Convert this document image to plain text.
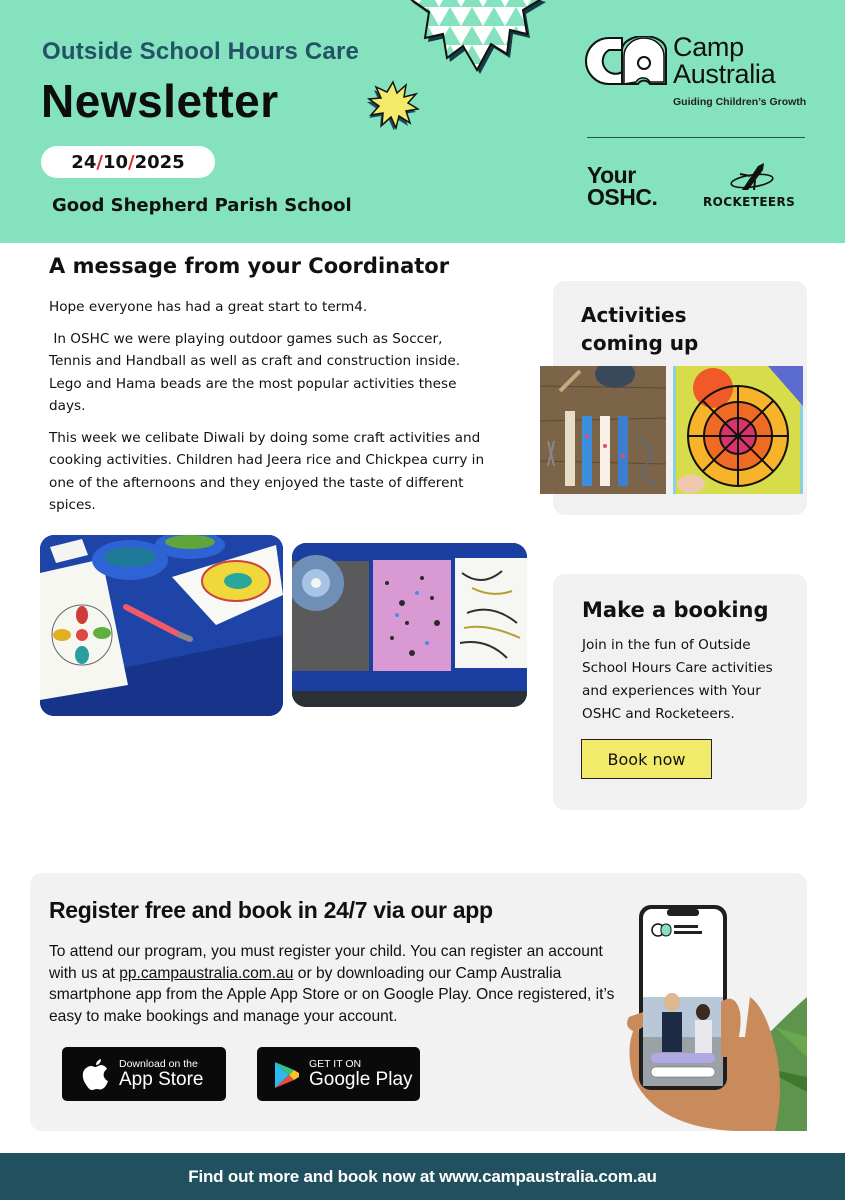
Outside School Hours Care
Newsletter
24 / 10 / 2025
Good Shepherd Parish School
Camp
Australia
Guiding Children’s Growth
Your
OSHC.	ROCKETEERS
A message from your Coordinator

Hope everyone has had a great start to term4.

In OSHC we were playing outdoor games such as Soccer, Tennis and Handball as well as craft and construction inside. Lego and Hama beads are the most popular activities these days.

This week we celibate Diwali by doing some craft activities and cooking activities. Children had Jeera rice and Chickpea curry in one of the afternoons and they enjoyed the taste of different spices.

Activities
coming up
Make a booking
Join in the fun of Outside School Hours Care activities and experiences with Your OSHC and Rocketeers.
Book now
Register free and book in 24/7 via our app
To attend our program, you must register your child. You can register an account with us at pp.campaustralia.com.au or by downloading our Camp Australia smartphone app from the Apple App Store or on Google Play. Once registered, it’s easy to make bookings and manage your account.
Download on the
App Store
GET IT ON
Google Play
Find out more and book now at www.campaustralia.com.au
